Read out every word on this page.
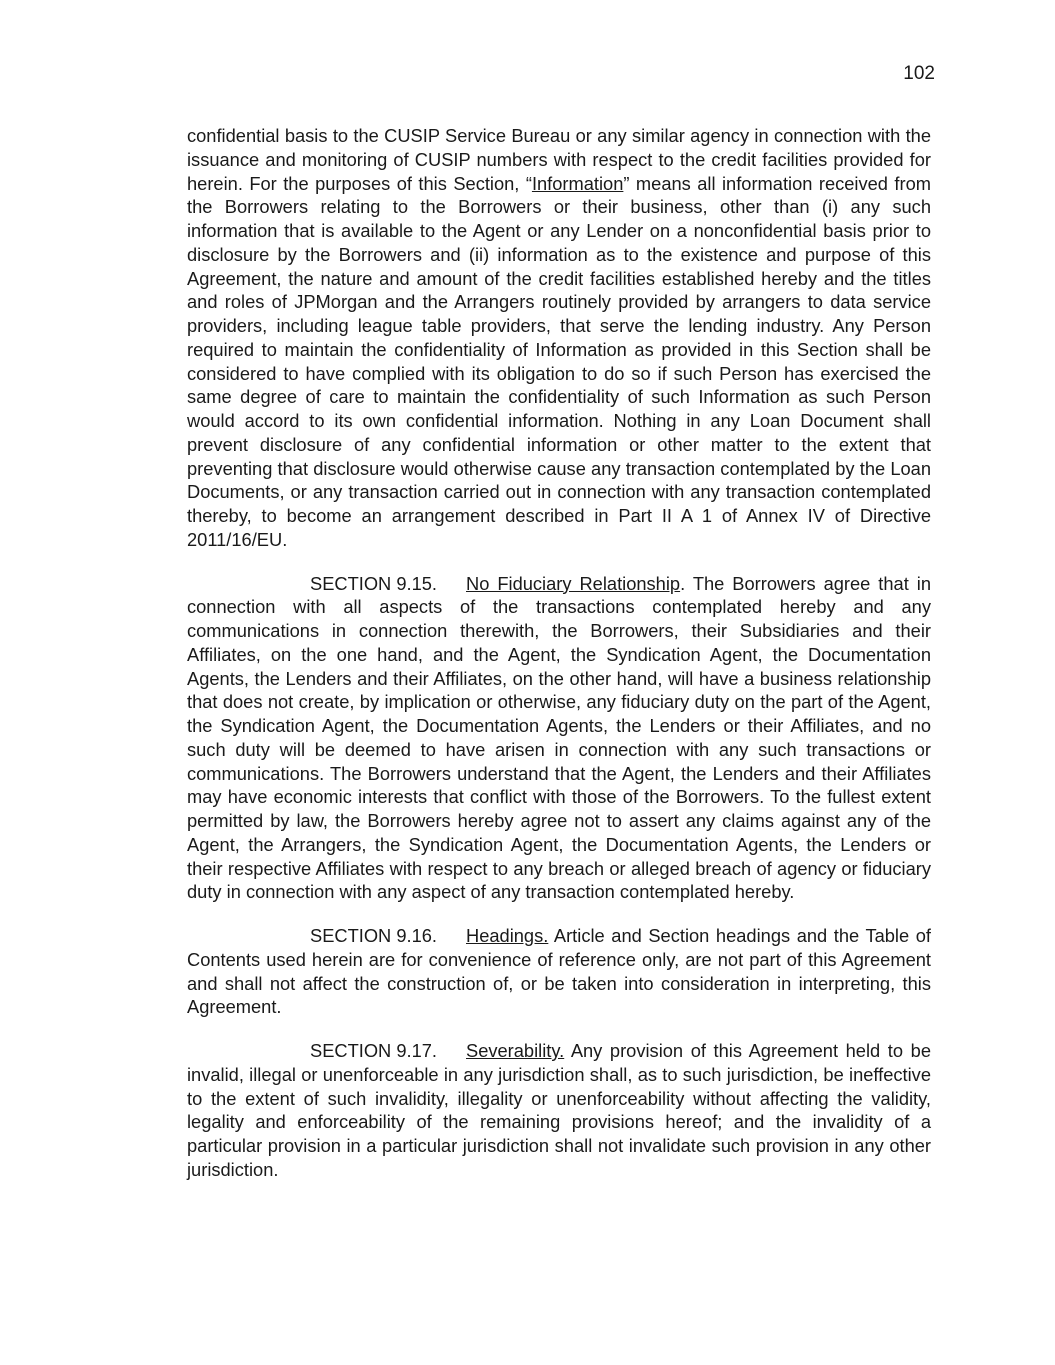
102

confidential basis to the CUSIP Service Bureau or any similar agency in connection with the issuance and monitoring of CUSIP numbers with respect to the credit facilities provided for herein. For the purposes of this Section, “Information” means all information received from the Borrowers relating to the Borrowers or their business, other than (i) any such information that is available to the Agent or any Lender on a nonconfidential basis prior to disclosure by the Borrowers and (ii) information as to the existence and purpose of this Agreement, the nature and amount of the credit facilities established hereby and the titles and roles of JPMorgan and the Arrangers routinely provided by arrangers to data service providers, including league table providers, that serve the lending industry. Any Person required to maintain the confidentiality of Information as provided in this Section shall be considered to have complied with its obligation to do so if such Person has exercised the same degree of care to maintain the confidentiality of such Information as such Person would accord to its own confidential information. Nothing in any Loan Document shall prevent disclosure of any confidential information or other matter to the extent that preventing that disclosure would otherwise cause any transaction contemplated by the Loan Documents, or any transaction carried out in connection with any transaction contemplated thereby, to become an arrangement described in Part II A 1 of Annex IV of Directive 2011/16/EU.

SECTION 9.15. No Fiduciary Relationship. The Borrowers agree that in connection with all aspects of the transactions contemplated hereby and any communications in connection therewith, the Borrowers, their Subsidiaries and their Affiliates, on the one hand, and the Agent, the Syndication Agent, the Documentation Agents, the Lenders and their Affiliates, on the other hand, will have a business relationship that does not create, by implication or otherwise, any fiduciary duty on the part of the Agent, the Syndication Agent, the Documentation Agents, the Lenders or their Affiliates, and no such duty will be deemed to have arisen in connection with any such transactions or communications. The Borrowers understand that the Agent, the Lenders and their Affiliates may have economic interests that conflict with those of the Borrowers. To the fullest extent permitted by law, the Borrowers hereby agree not to assert any claims against any of the Agent, the Arrangers, the Syndication Agent, the Documentation Agents, the Lenders or their respective Affiliates with respect to any breach or alleged breach of agency or fiduciary duty in connection with any aspect of any transaction contemplated hereby.

SECTION 9.16. Headings. Article and Section headings and the Table of Contents used herein are for convenience of reference only, are not part of this Agreement and shall not affect the construction of, or be taken into consideration in interpreting, this Agreement.

SECTION 9.17. Severability. Any provision of this Agreement held to be invalid, illegal or unenforceable in any jurisdiction shall, as to such jurisdiction, be ineffective to the extent of such invalidity, illegality or unenforceability without affecting the validity, legality and enforceability of the remaining provisions hereof; and the invalidity of a particular provision in a particular jurisdiction shall not invalidate such provision in any other jurisdiction.
